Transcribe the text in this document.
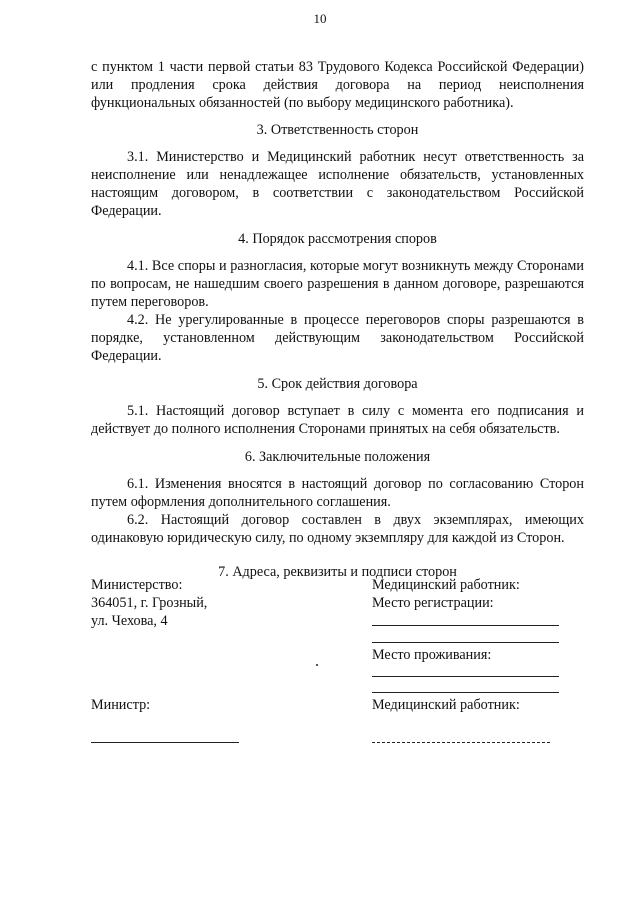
10

с пунктом 1 части первой статьи 83 Трудового Кодекса Российской Федерации) или продления срока действия договора на период неисполнения функциональных обязанностей (по выбору медицинского работника).

3. Ответственность сторон

3.1. Министерство и Медицинский работник несут ответственность за неисполнение или ненадлежащее исполнение обязательств, установленных настоящим договором, в соответствии с законодательством Российской Федерации.

4. Порядок рассмотрения споров

4.1. Все споры и разногласия, которые могут возникнуть между Сторонами по вопросам, не нашедшим своего разрешения в данном договоре, разрешаются путем переговоров.

4.2. Не урегулированные в процессе переговоров споры разрешаются в порядке, установленном действующим законодательством Российской Федерации.

5. Срок действия договора

5.1. Настоящий договор вступает в силу с момента его подписания и действует до полного исполнения Сторонами принятых на себя обязательств.

6. Заключительные положения

6.1. Изменения вносятся в настоящий договор по согласованию Сторон путем оформления дополнительного соглашения.

6.2. Настоящий договор составлен в двух экземплярах, имеющих одинаковую юридическую силу, по одному экземпляру для каждой из Сторон.

7. Адреса, реквизиты и подписи сторон
Министерство:
364051, г. Грозный,
ул. Чехова, 4
Министр:
Медицинский работник:
Место регистрации:
Место проживания:
Медицинский работник:
